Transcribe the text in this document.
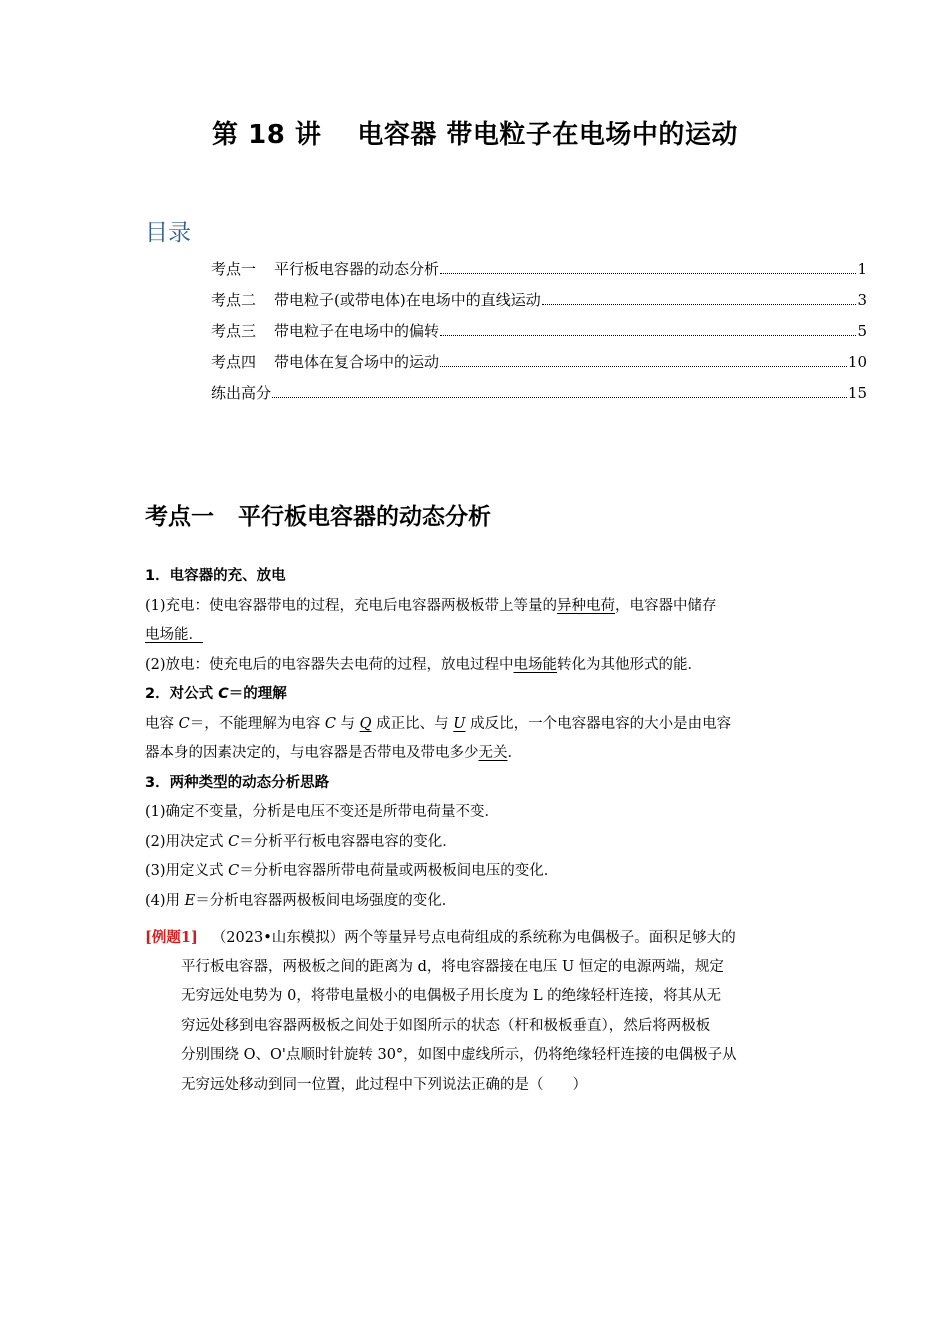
第 18 讲　 电容器 带电粒子在电场中的运动
目录
考点一 平行板电容器的动态分析	1
考点二 带电粒子(或带电体)在电场中的直线运动	3
考点三 带电粒子在电场中的偏转	5
考点四 带电体在复合场中的运动	10
练出高分	15
考点一 平行板电容器的动态分析
1．电容器的充、放电
(1)充电：使电容器带电的过程，充电后电容器两极板带上等量的异种电荷，电容器中储存
电场能．
(2)放电：使充电后的电容器失去电荷的过程，放电过程中电场能转化为其他形式的能．
2．对公式 C＝的理解
电容 C＝，不能理解为电容 C 与 Q 成正比、与 U 成反比，一个电容器电容的大小是由电容
器本身的因素决定的，与电容器是否带电及带电多少无关．
3．两种类型的动态分析思路
(1)确定不变量，分析是电压不变还是所带电荷量不变．
(2)用决定式 C＝分析平行板电容器电容的变化．
(3)用定义式 C＝分析电容器所带电荷量或两极板间电压的变化．
(4)用 E＝分析电容器两极板间电场强度的变化．
[例题1] （2023•山东模拟）两个等量异号点电荷组成的系统称为电偶极子。面积足够大的
平行板电容器，两极板之间的距离为 d，将电容器接在电压 U 恒定的电源两端，规定
无穷远处电势为 0，将带电量极小的电偶极子用长度为 L 的绝缘轻杆连接，将其从无
穷远处移到电容器两极板之间处于如图所示的状态（杆和极板垂直），然后将两极板
分别围绕 O、O'点顺时针旋转 30°，如图中虚线所示，仍将绝缘轻杆连接的电偶极子从
无穷远处移动到同一位置，此过程中下列说法正确的是（　　）
